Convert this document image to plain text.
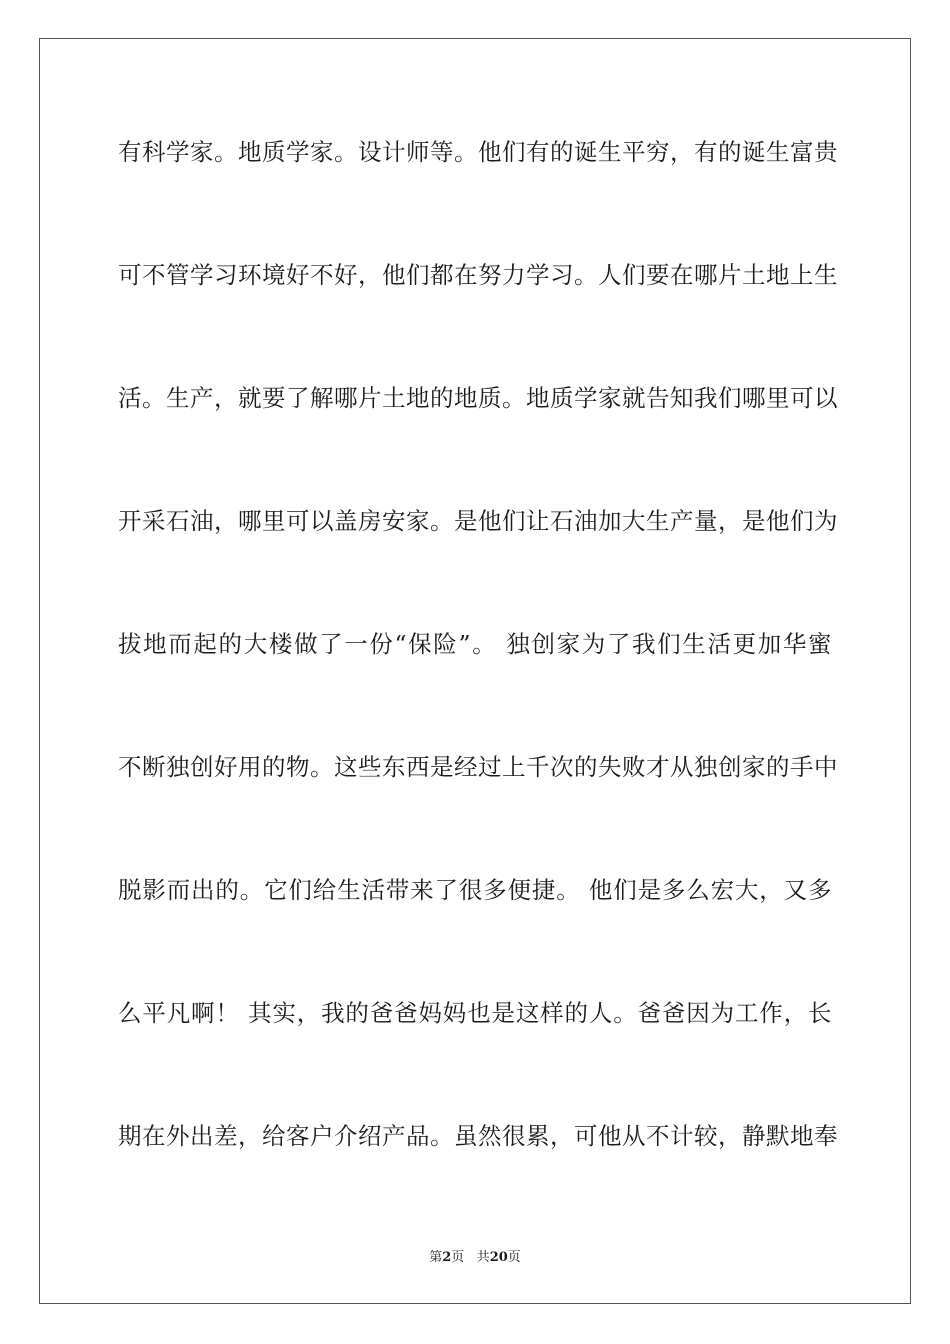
有科学家。地质学家。设计师等。他们有的诞生平穷，有的诞生富贵
可不管学习环境好不好，他们都在努力学习。人们要在哪片土地上生
活。生产，就要了解哪片土地的地质。地质学家就告知我们哪里可以
开采石油，哪里可以盖房安家。是他们让石油加大生产量，是他们为
拔地而起的大楼做了一份“保险”。 独创家为了我们生活更加华蜜
不断独创好用的物。这些东西是经过上千次的失败才从独创家的手中
脱影而出的。它们给生活带来了很多便捷。 他们是多么宏大，又多
么平凡啊！ 其实，我的爸爸妈妈也是这样的人。爸爸因为工作，长
期在外出差，给客户介绍产品。虽然很累，可他从不计较，静默地奉
第2页 共20页
